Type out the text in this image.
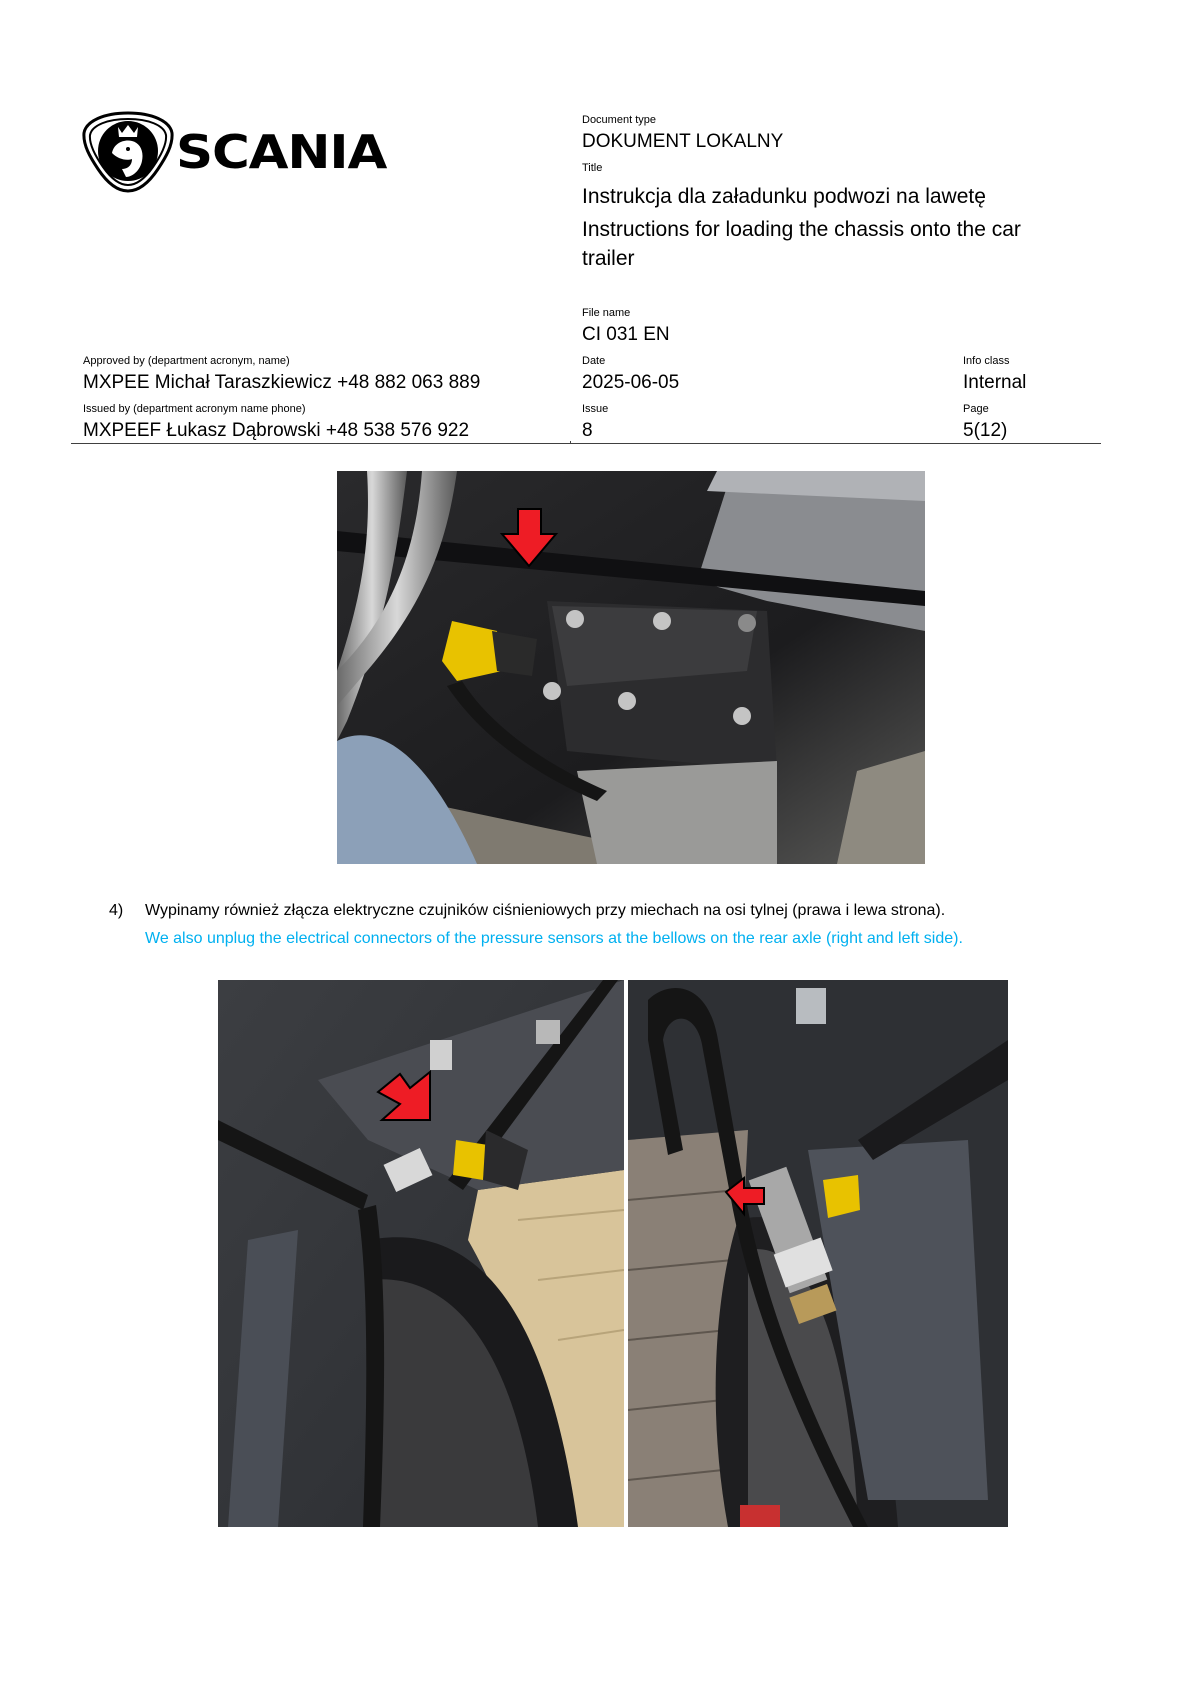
SCANIA
Document type
DOKUMENT LOKALNY
Title
Instrukcja dla załadunku podwozi na lawetę
Instructions for loading the chassis onto the car
trailer
File name
CI 031 EN
Approved by (department acronym, name)
MXPEE Michał Taraszkiewicz +48 882 063 889
Date
2025-06-05
Info class
Internal
Issued by (department acronym name phone)
MXPEEF Łukasz Dąbrowski +48 538 576 922
Issue
8
Page
5(12)
4) Wypinamy również złącza elektryczne czujników ciśnieniowych przy miechach na osi tylnej (prawa i lewa strona).
We also unplug the electrical connectors of the pressure sensors at the bellows on the rear axle (right and left side).
